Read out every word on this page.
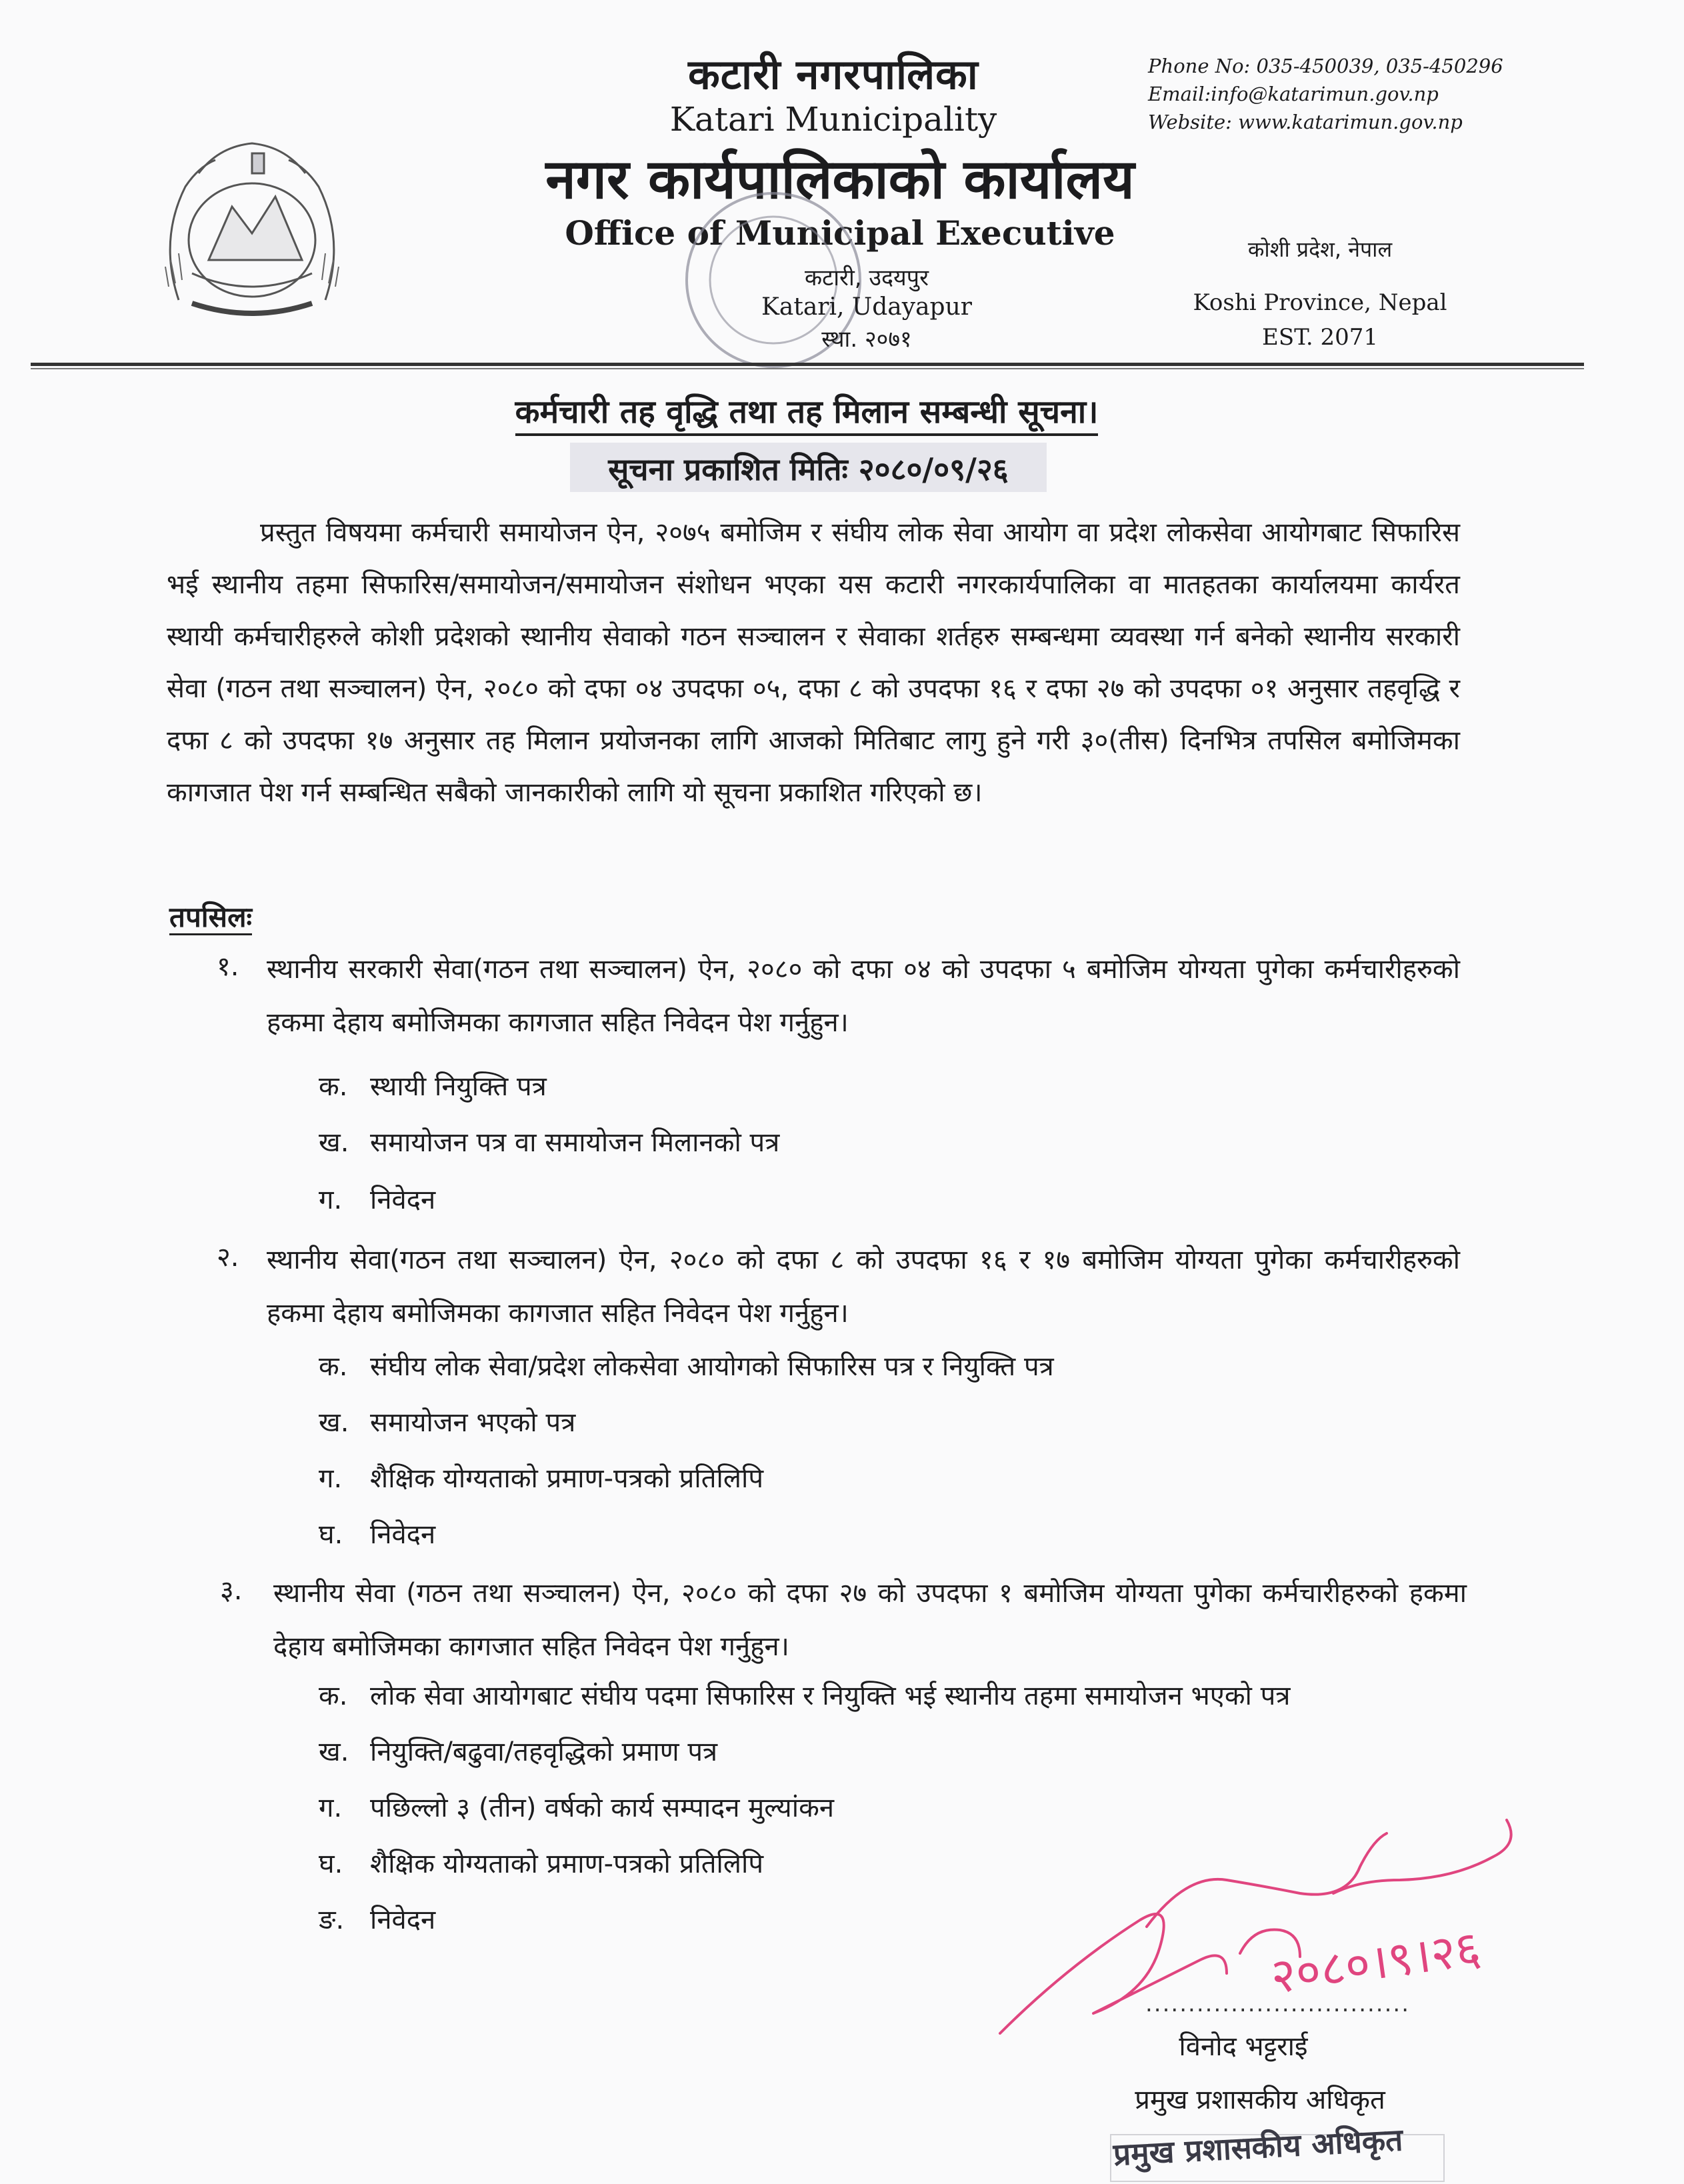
कटारी नगरपालिका
Katari Municipality
नगर कार्यपालिकाको कार्यालय
Office of Municipal Executive
कटारी, उदयपुर
Katari, Udayapur
स्था. २०७१
Phone No: 035-450039, 035-450296
Email:info@katarimun.gov.np
Website: www.katarimun.gov.np
कोशी प्रदेश, नेपाल
Koshi Province, Nepal
EST. 2071
कर्मचारी तह वृद्धि तथा तह मिलान सम्बन्धी सूचना।
सूचना प्रकाशित मितिः २०८०/०९/२६
प्रस्तुत विषयमा कर्मचारी समायोजन ऐन, २०७५ बमोजिम र संघीय लोक सेवा आयोग वा प्रदेश लोकसेवा आयोगबाट सिफारिस भई स्थानीय तहमा सिफारिस/समायोजन/समायोजन संशोधन भएका यस कटारी नगरकार्यपालिका वा मातहतका कार्यालयमा कार्यरत स्थायी कर्मचारीहरुले कोशी प्रदेशको स्थानीय सेवाको गठन सञ्चालन र सेवाका शर्तहरु सम्बन्धमा व्यवस्था गर्न बनेको स्थानीय सरकारी सेवा (गठन तथा सञ्चालन) ऐन, २०८० को दफा ०४ उपदफा ०५, दफा ८ को उपदफा १६ र दफा २७ को उपदफा ०१ अनुसार तहवृद्धि र दफा ८ को उपदफा १७ अनुसार तह मिलान प्रयोजनका लागि आजको मितिबाट लागु हुने गरी ३०(तीस) दिनभित्र तपसिल बमोजिमका कागजात पेश गर्न सम्बन्धित सबैको जानकारीको लागि यो सूचना प्रकाशित गरिएको छ।
तपसिलः
१. स्थानीय सरकारी सेवा(गठन तथा सञ्चालन) ऐन, २०८० को दफा ०४ को उपदफा ५ बमोजिम योग्यता पुगेका कर्मचारीहरुको हकमा देहाय बमोजिमका कागजात सहित निवेदन पेश गर्नुहुन।
क. स्थायी नियुक्ति पत्र
ख. समायोजन पत्र वा समायोजन मिलानको पत्र
ग. निवेदन
२. स्थानीय सेवा(गठन तथा सञ्चालन) ऐन, २०८० को दफा ८ को उपदफा १६ र १७ बमोजिम योग्यता पुगेका कर्मचारीहरुको हकमा देहाय बमोजिमका कागजात सहित निवेदन पेश गर्नुहुन।
क. संघीय लोक सेवा/प्रदेश लोकसेवा आयोगको सिफारिस पत्र र नियुक्ति पत्र
ख. समायोजन भएको पत्र
ग. शैक्षिक योग्यताको प्रमाण-पत्रको प्रतिलिपि
घ. निवेदन
३. स्थानीय सेवा (गठन तथा सञ्चालन) ऐन, २०८० को दफा २७ को उपदफा १ बमोजिम योग्यता पुगेका कर्मचारीहरुको हकमा देहाय बमोजिमका कागजात सहित निवेदन पेश गर्नुहुन।
क. लोक सेवा आयोगबाट संघीय पदमा सिफारिस र नियुक्ति भई स्थानीय तहमा समायोजन भएको पत्र
ख. नियुक्ति/बढुवा/तहवृद्धिको प्रमाण पत्र
ग. पछिल्लो ३ (तीन) वर्षको कार्य सम्पादन मुल्यांकन
घ. शैक्षिक योग्यताको प्रमाण-पत्रको प्रतिलिपि
ङ. निवेदन	२०८०।९।२६
...............................
विनोद भट्टराई
प्रमुख प्रशासकीय अधिकृत
प्रमुख प्रशासकीय अधिकृत
